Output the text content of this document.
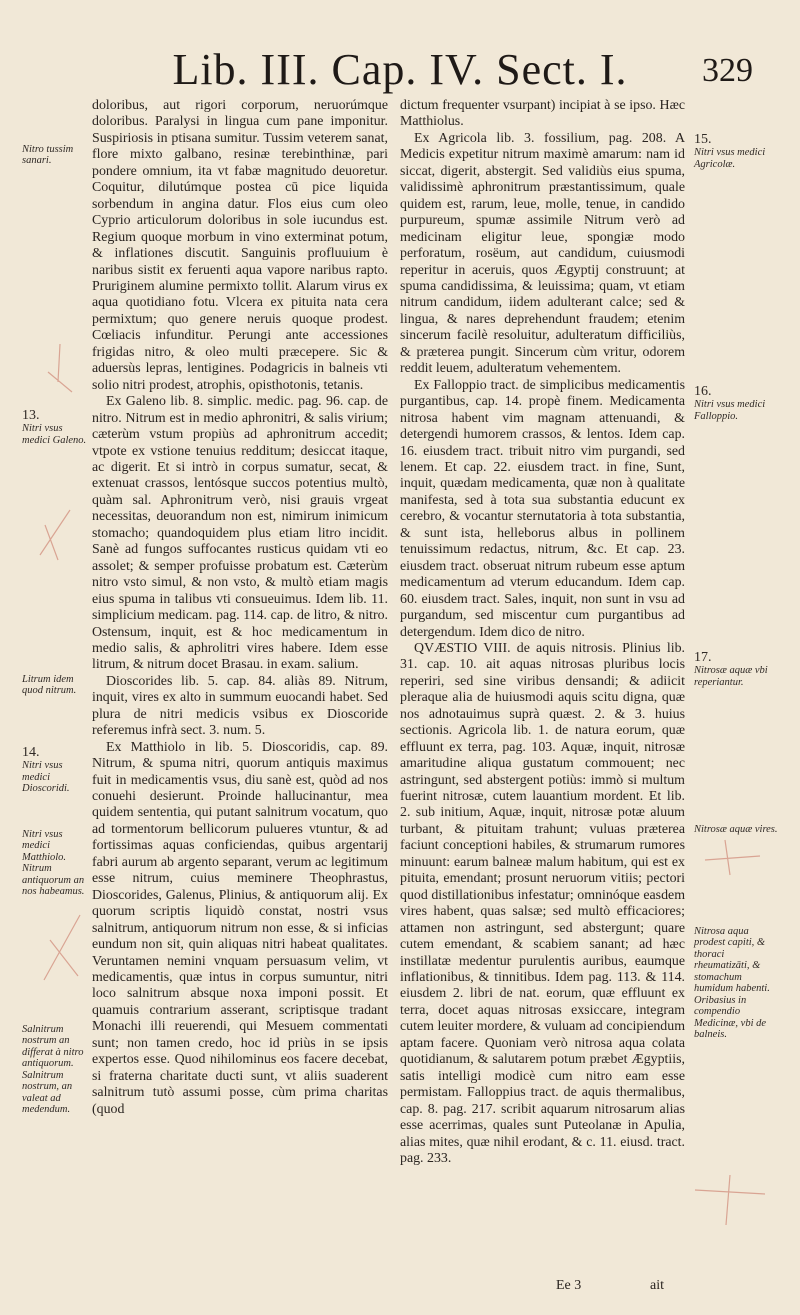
Lib. III. Cap. IV. Sect. I.	329

doloribus, aut rigori corporum, neruorúmque doloribus. Paralysi in lingua cum pane imponitur. Suspiriosis in ptisana sumitur. Tussim veterem sanat, flore mixto galbano, resinæ terebinthinæ, pari pondere omnium, ita vt fabæ magnitudo deuoretur. Coquitur, dilutúmque postea cū pice liquida sorbendum in angina datur. Flos eius cum oleo Cyprio articulorum doloribus in sole iucundus est. Regium quoque morbum in vino exterminat potum, & inflationes discutit. Sanguinis profluuium è naribus sistit ex feruenti aqua vapore naribus rapto. Pruriginem alumine permixto tollit. Alarum virus ex aqua quotidiano fotu. Vlcera ex pituita nata cera permixtum; quo genere neruis quoque prodest. Cœliacis infunditur. Perungi ante accessiones frigidas nitro, & oleo multi præcepere. Sic & aduersùs lepras, lentigines. Podagricis in balneis vti solio nitri prodest, atrophis, opisthotonis, tetanis.

Ex Galeno lib. 8. simplic. medic. pag. 96. cap. de nitro. Nitrum est in medio aphronitri, & salis virium; cæterùm vstum propiùs ad aphronitrum accedit; vtpote ex vstione tenuius redditum; desiccat itaque, ac digerit. Et si intrò in corpus sumatur, secat, & extenuat crassos, lentósque succos potentius multò, quàm sal. Aphronitrum verò, nisi grauis vrgeat necessitas, deuorandum non est, nimirum inimicum stomacho; quandoquidem plus etiam litro incidit. Sanè ad fungos suffocantes rusticus quidam vti eo assolet; & semper profuisse probatum est. Cæterùm nitro vsto simul, & non vsto, & multò etiam magis eius spuma in talibus vti consueuimus. Idem lib. 11. simplicium medicam. pag. 114. cap. de litro, & nitro. Ostensum, inquit, est & hoc medicamentum in medio salis, & aphrolitri vires habere. Idem esse litrum, & nitrum docet Brasau. in exam. salium.

Dioscorides lib. 5. cap. 84. aliàs 89. Nitrum, inquit, vires ex alto in summum euocandi habet. Sed plura de nitri medicis vsibus ex Dioscoride referemus infrà sect. 3. num. 5.

Ex Matthiolo in lib. 5. Dioscoridis, cap. 89. Nitrum, & spuma nitri, quorum antiquis maximus fuit in medicamentis vsus, diu sanè est, quòd ad nos conuehi desierunt. Proinde hallucinantur, mea quidem sententia, qui putant salnitrum vocatum, quo ad tormentorum bellicorum pulueres vtuntur, & ad fortissimas aquas conficiendas, quibus argentarij fabri aurum ab argento separant, verum ac legitimum esse nitrum, cuius meminere Theophrastus, Dioscorides, Galenus, Plinius, & antiquorum alij. Ex quorum scriptis liquidò constat, nostri vsus salnitrum, antiquorum nitrum non esse, & si inficias eundum non sit, quin aliquas nitri habeat qualitates. Veruntamen nemini vnquam persuasum velim, vt medicamentis, quæ intus in corpus sumuntur, nitri loco salnitrum absque noxa imponi possit. Et quamuis contrarium asserant, scriptisque tradant Monachi illi reuerendi, qui Mesuem commentati sunt; non tamen credo, hoc id priùs in se ipsis expertos esse. Quod nihilominus eos facere decebat, si fraterna charitate ducti sunt, vt aliis suaderent salnitrum tutò assumi posse, cùm prima charitas (quod

dictum frequenter vsurpant) incipiat à se ipso. Hæc Matthiolus.

Ex Agricola lib. 3. fossilium, pag. 208. A Medicis expetitur nitrum maximè amarum: nam id siccat, digerit, abstergit. Sed validiùs eius spuma, validissimè aphronitrum præstantissimum, quale quidem est, rarum, leue, molle, tenue, in candido purpureum, spumæ assimile Nitrum verò ad medicinam eligitur leue, spongiæ modo perforatum, rosëum, aut candidum, cuiusmodi reperitur in aceruis, quos Ægyptij construunt; at spuma candidissima, & leuissima; quam, vt etiam nitrum candidum, iidem adulterant calce; sed & lingua, & nares deprehendunt fraudem; etenim sincerum facilè resoluitur, adulteratum difficiliùs, & præterea pungit. Sincerum cùm vritur, odorem reddit leuem, adulteratum vehementem.

Ex Falloppio tract. de simplicibus medicamentis purgantibus, cap. 14. propè finem. Medicamenta nitrosa habent vim magnam attenuandi, & detergendi humorem crassos, & lentos. Idem cap. 16. eiusdem tract. tribuit nitro vim purgandi, sed lenem. Et cap. 22. eiusdem tract. in fine, Sunt, inquit, quædam medicamenta, quæ non à qualitate manifesta, sed à tota sua substantia educunt ex cerebro, & vocantur sternutatoria à tota substantia, & sunt ista, helleborus albus in pollinem tenuissimum redactus, nitrum, &c. Et cap. 23. eiusdem tract. obseruat nitrum rubeum esse aptum medicamentum ad vterum educandum. Idem cap. 60. eiusdem tract. Sales, inquit, non sunt in vsu ad purgandum, sed miscentur cum purgantibus ad detergendum. Idem dico de nitro.

QVÆSTIO VIII. de aquis nitrosis. Plinius lib. 31. cap. 10. ait aquas nitrosas pluribus locis reperiri, sed sine viribus densandi; & adiicit pleraque alia de huiusmodi aquis scitu digna, quæ nos adnotauimus suprà quæst. 2. & 3. huius sectionis. Agricola lib. 1. de natura eorum, quæ effluunt ex terra, pag. 103. Aquæ, inquit, nitrosæ amaritudine aliqua gustatum commouent; nec astringunt, sed abstergent potiùs: immò si multum fuerint nitrosæ, cutem lauantium mordent. Et lib. 2. sub initium, Aquæ, inquit, nitrosæ potæ aluum turbant, & pituitam trahunt; vuluas præterea faciunt conceptioni habiles, & strumarum rumores minuunt: earum balneæ malum habitum, qui est ex pituita, emendant; prosunt neruorum vitiis; pectori quod distillationibus infestatur; omninóque easdem vires habent, quas salsæ; sed multò efficaciores; attamen non astringunt, sed abstergunt; quare cutem emendant, & scabiem sanant; ad hæc instillatæ medentur purulentis auribus, eaumque inflationibus, & tinnitibus. Idem pag. 113. & 114. eiusdem 2. libri de nat. eorum, quæ effluunt ex terra, docet aquas nitrosas exsiccare, integram cutem leuiter mordere, & vuluam ad concipiendum aptam facere. Quoniam verò nitrosa aqua colata quotidianum, & salutarem potum præbet Ægyptiis, satis intelligi modicè cum nitro eam esse permistam. Falloppius tract. de aquis thermalibus, cap. 8. pag. 217. scribit aquarum nitrosarum alias esse acerrimas, quales sunt Puteolanæ in Apulia, alias mites, quæ nihil erodant, & c. 11. eiusd. tract. pag. 233.

Nitro tussim sanari.

13.
Nitri vsus medici Galeno.

Litrum idem quod nitrum.

14.
Nitri vsus medici Dioscoridi.

Nitri vsus medici Matthiolo. Nitrum antiquorum an nos habeamus.

Salnitrum nostrum an differat à nitro antiquorum. Salnitrum nostrum, an valeat ad medendum.

15.
Nitri vsus medici Agricolæ.

16.
Nitri vsus medici Falloppio.

17.
Nitrosæ aquæ vbi reperiantur.

Nitrosæ aquæ vires.

Nitrosa aqua prodest capiti, & thoraci rheumatizāti, & stomachum humidum habenti. Oribasius in compendio Medicinæ, vbi de balneis.

Ee 3	ait
